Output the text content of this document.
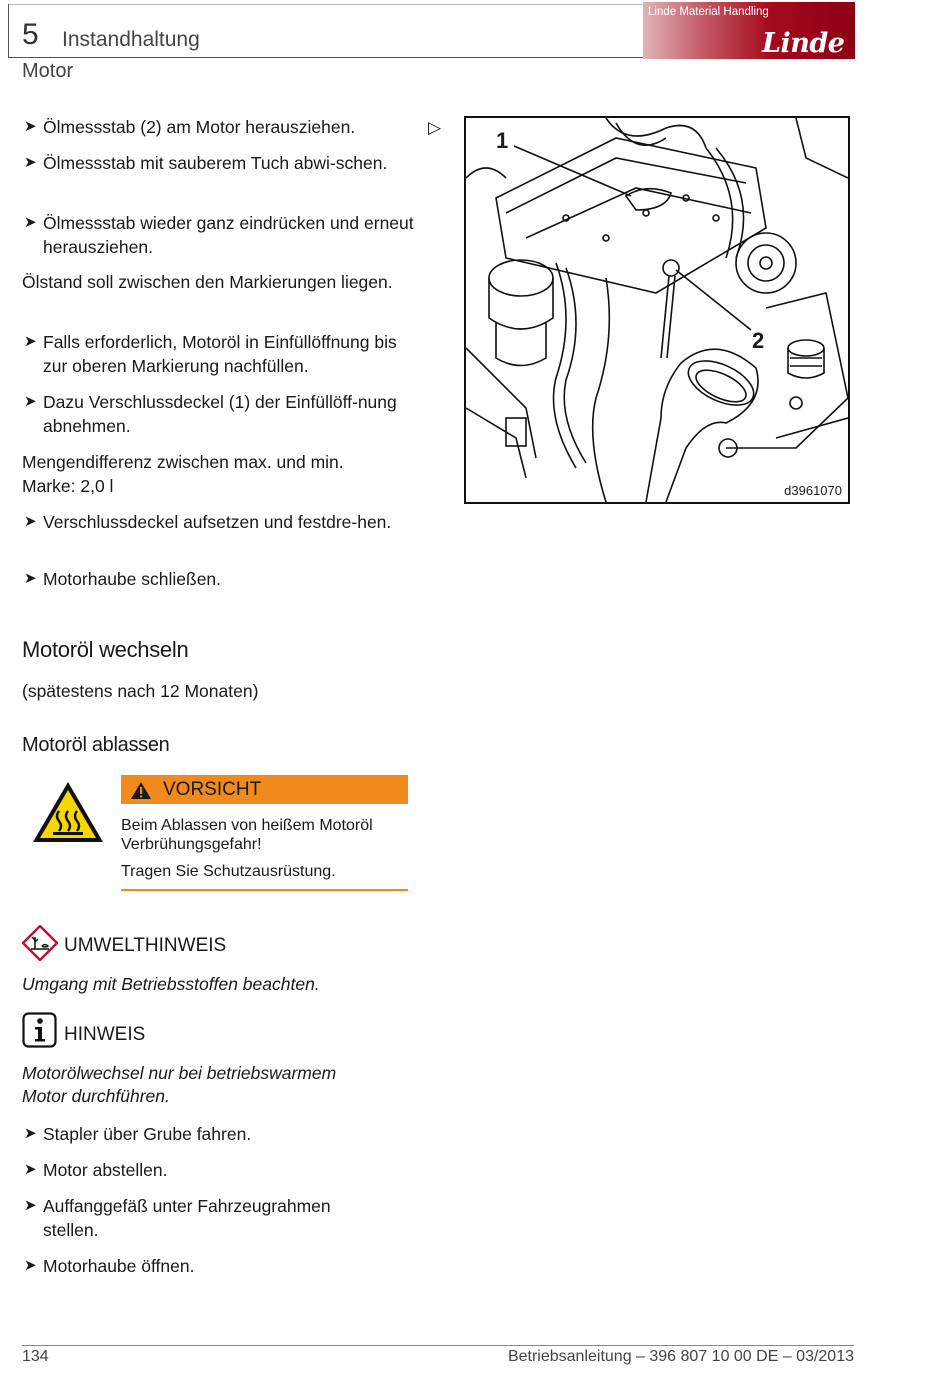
5 Instandhaltung
Motor
Linde Material Handling
Linde
➤ Ölmessstab (2) am Motor herausziehen.
➤ Ölmessstab mit sauberem Tuch abwi-schen.
➤ Ölmessstab wieder ganz eindrücken und erneut herausziehen.
Ölstand soll zwischen den Markierungen liegen.
➤ Falls erforderlich, Motoröl in Einfüllöffnung bis zur oberen Markierung nachfüllen.
➤ Dazu Verschlussdeckel (1) der Einfüllöff-nung abnehmen.
Mengendifferenz zwischen max. und min.
Marke: 2,0 l
➤ Verschlussdeckel aufsetzen und festdre-hen.
➤ Motorhaube schließen.
▷
1
2
d3961070
Motoröl wechseln
(spätestens nach 12 Monaten)
Motoröl ablassen
VORSICHT
Beim Ablassen von heißem Motoröl
Verbrühungsgefahr!
Tragen Sie Schutzausrüstung.
UMWELTHINWEIS
Umgang mit Betriebsstoffen beachten.
HINWEIS
Motorölwechsel nur bei betriebswarmem
Motor durchführen.
➤ Stapler über Grube fahren.
➤ Motor abstellen.
➤ Auffanggefäß unter Fahrzeugrahmen stellen.
➤ Motorhaube öffnen.
134	Betriebsanleitung – 396 807 10 00 DE – 03/2013
